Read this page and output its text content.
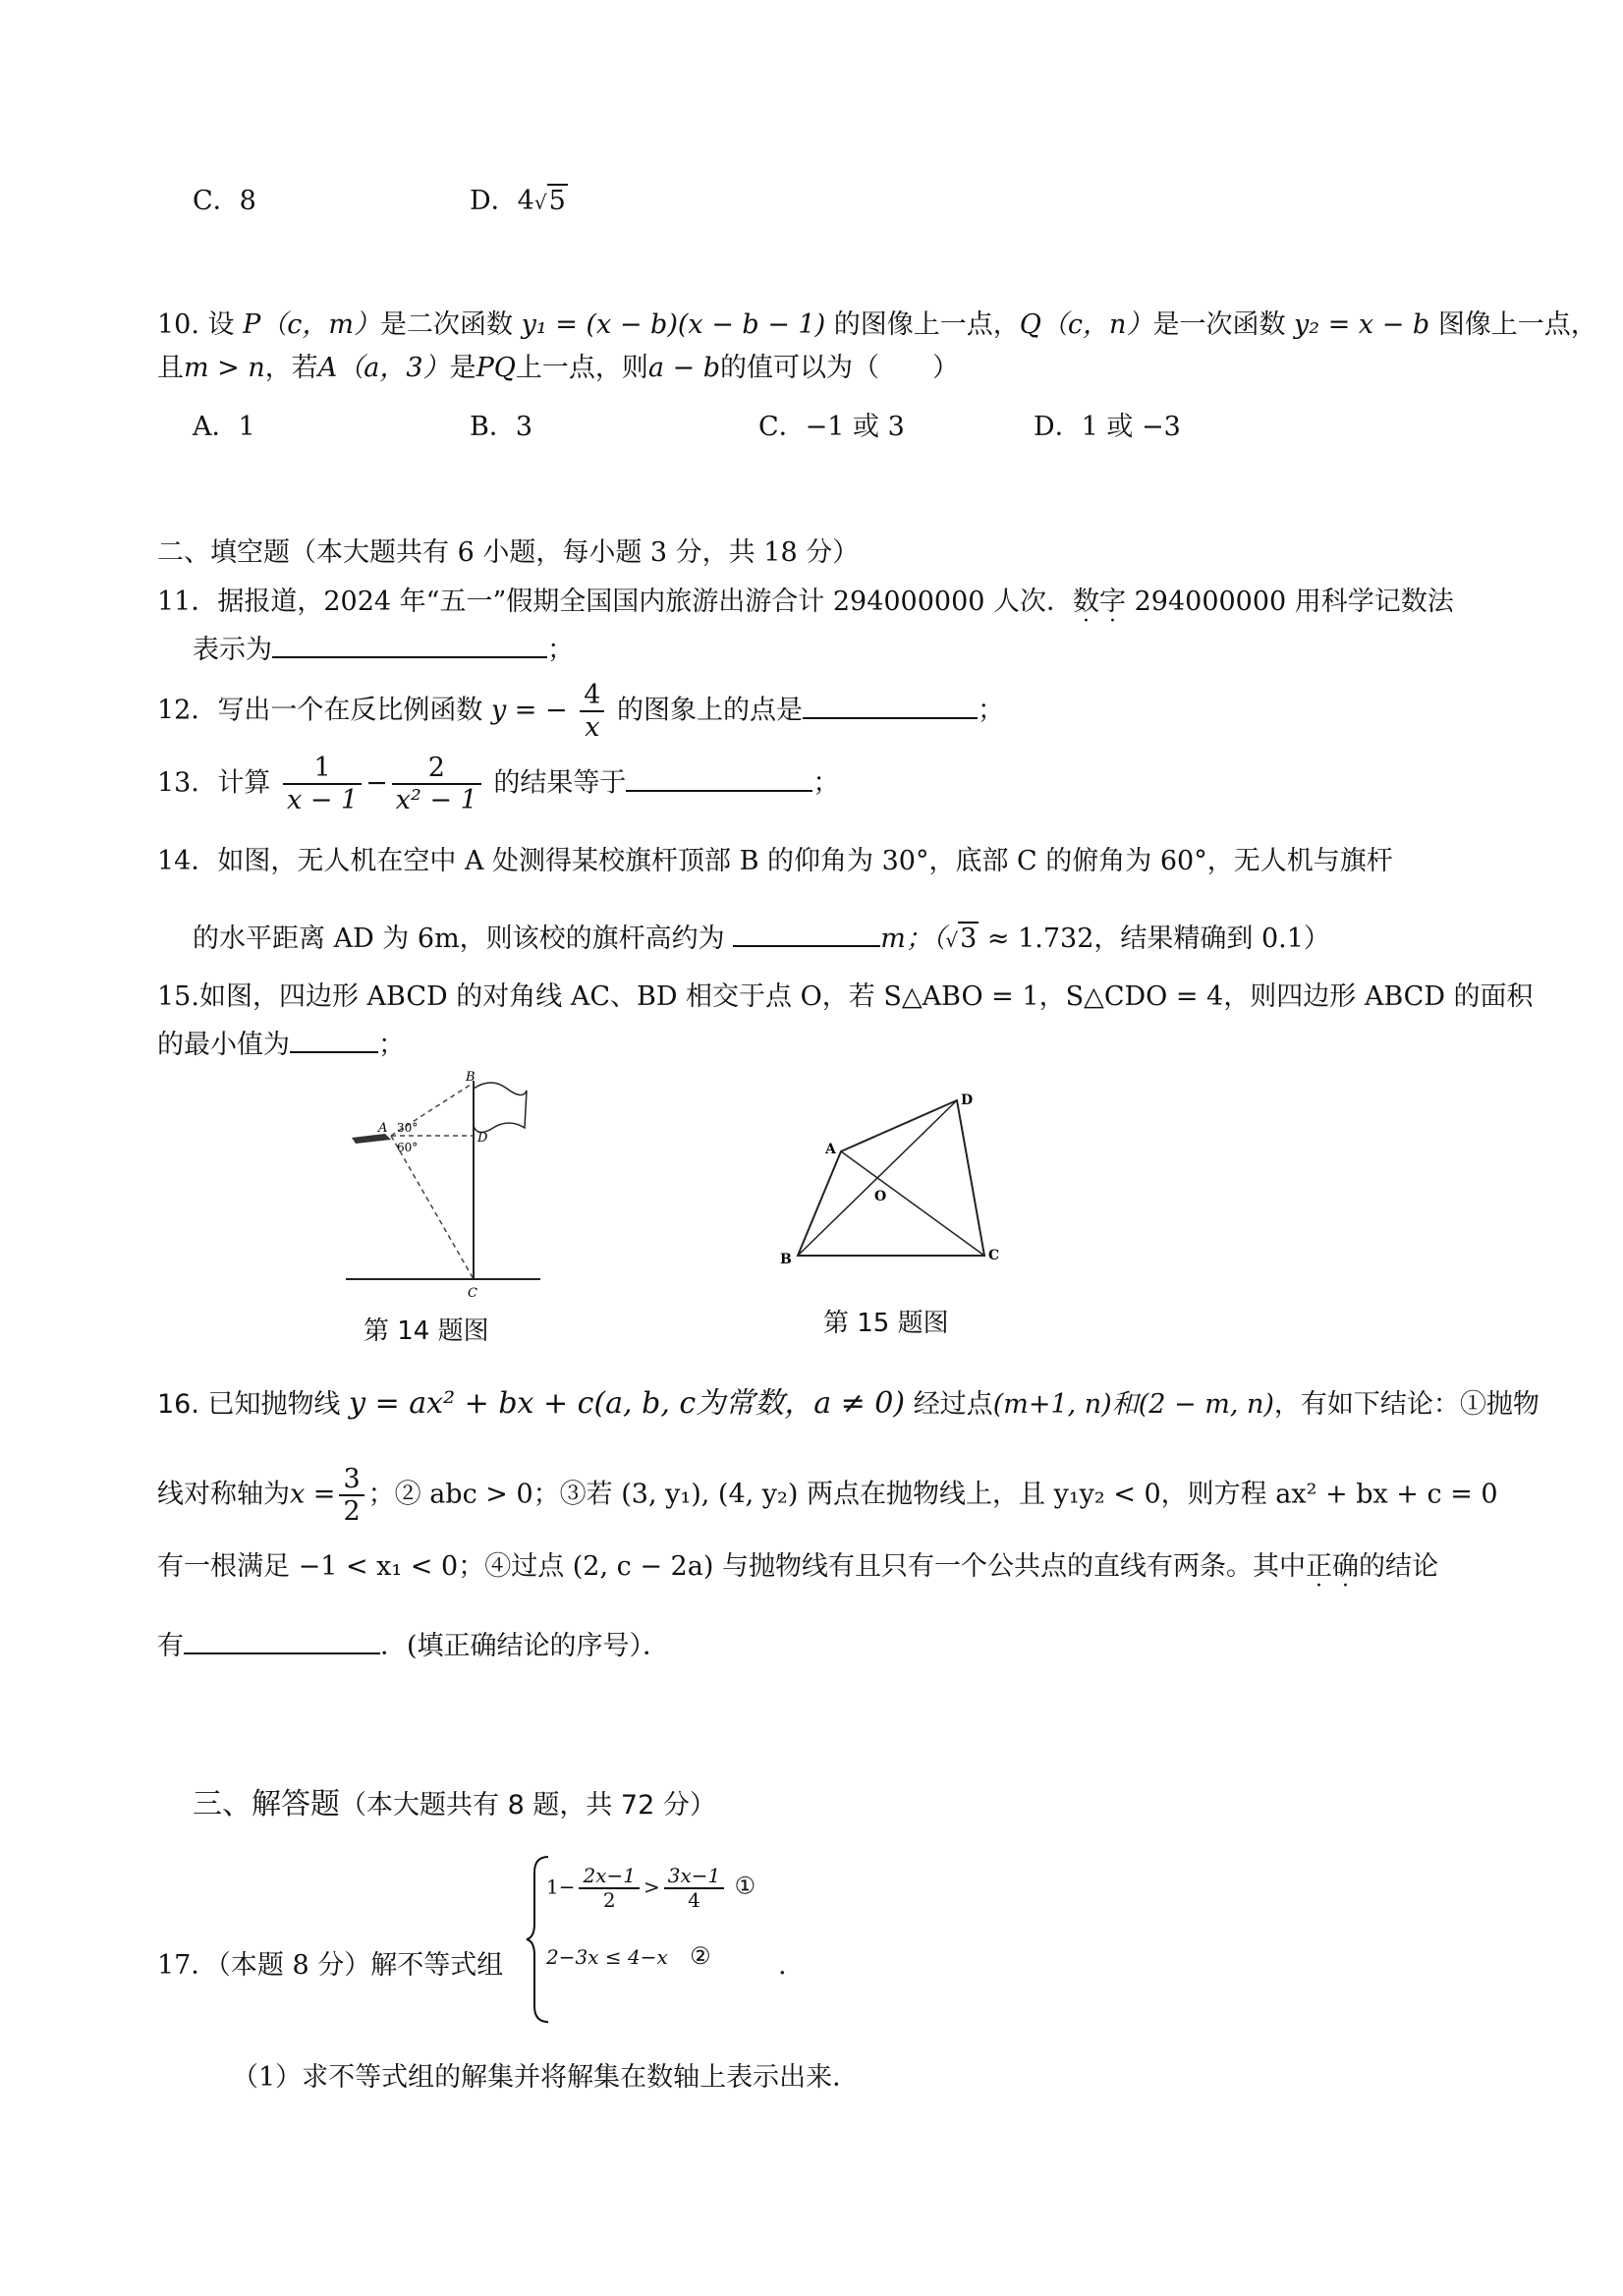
C．8	D．4√5
10. 设 P（c，m）是二次函数 y₁ = (x − b)(x − b − 1) 的图像上一点，Q（c，n）是一次函数 y₂ = x − b 图像上一点，
且m > n，若A（a，3）是PQ上一点，则a − b的值可以为（　　）
A．1	B．3	C．−1 或 3	D．1 或 −3
二、填空题（本大题共有 6 小题，每小题 3 分，共 18 分）
11．据报道，2024 年“五一”假期全国国内旅游出游合计 294000000 人次．数字 294000000 用科学记数法
表示为	；
12．写出一个在反比例函数 y = − $\frac{4}{x}$ 的图象上的点是	；
13．计算 $\frac{1}{x - 1} - \frac{2}{\text{x² − 1}}$ 的结果等于	；
14．如图，无人机在空中 A 处测得某校旗杆顶部 B 的仰角为 30°，底部 C 的俯角为 60°，无人机与旗杆
的水平距离 AD 为 6m，则该校的旗杆高约为	m；（√3 ≈ 1.732，结果精确到 0.1）
15.如图，四边形 ABCD 的对角线 AC、BD 相交于点 O，若 S△ABO = 1，S△CDO = 4，则四边形 ABCD 的面积
的最小值为	；
A
B
D
C
30°
60°
第 14 题图
A
D
C
B
O
第 15 题图
16. 已知抛物线 y = ax² + bx + c(a, b, c为常数，a ≠ 0) 经过点(m+1, n)和(2 − m, n)，有如下结论：①抛物
线对称轴为$x = \frac{3}{2}$ ；② abc > 0；③若 (3, y₁), (4, y₂) 两点在抛物线上，且 y₁y₂ < 0，则方程 ax² + bx + c = 0
有一根满足 −1 < x₁ < 0；④过点 (2, c − 2a) 与抛物线有且只有一个公共点的直线有两条。其中正确的结论
有	．(填正确结论的序号）．
三、解答题（本大题共有 8 题，共 72 分）
17．（本题 8 分）解不等式组
$1- \frac{2x-1}{2} > \frac{3x-1}{4}$ ①
2−3x ≤ 4−x ②	.
（1）求不等式组的解集并将解集在数轴上表示出来．
